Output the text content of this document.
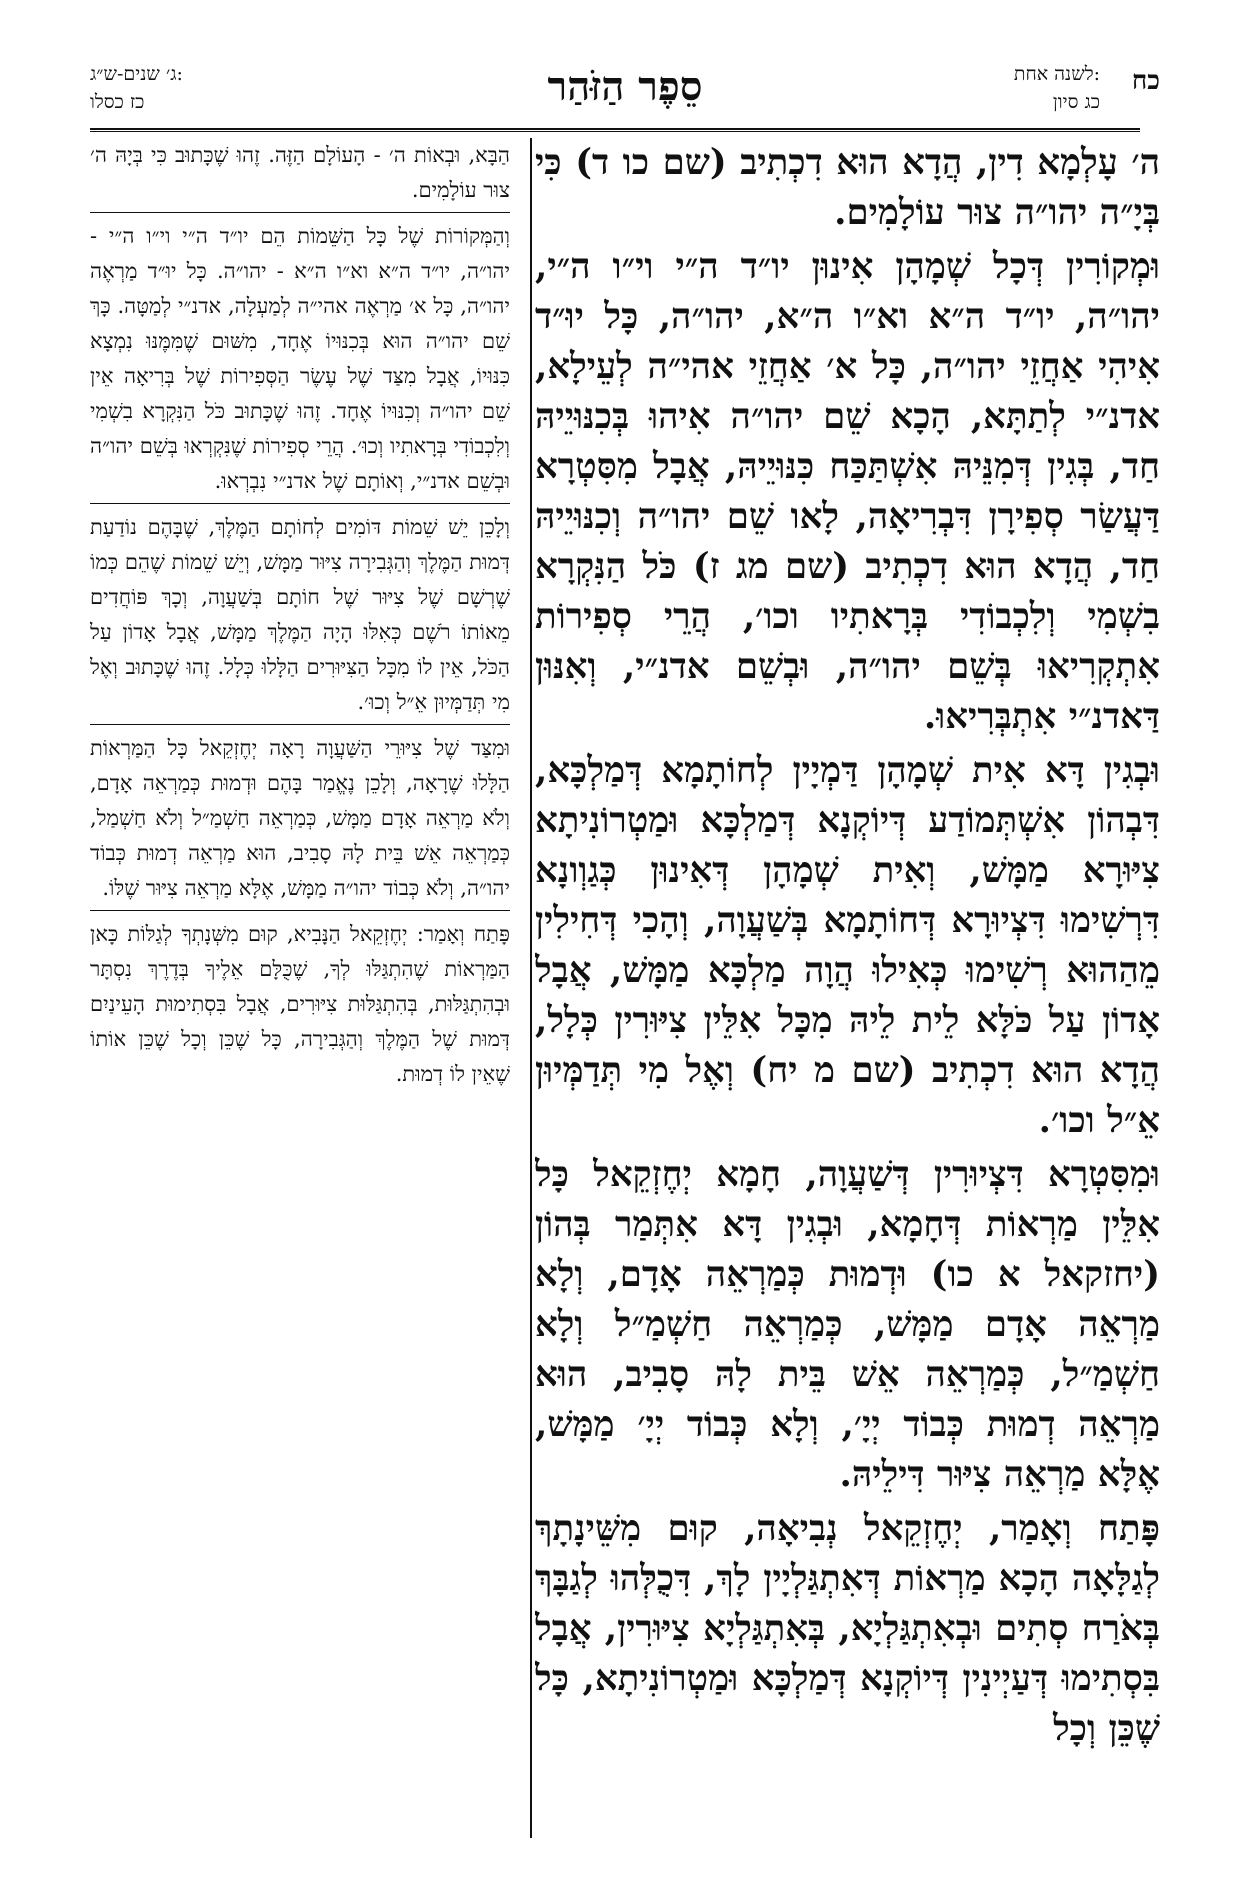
ג׳ שנים-ש״ג:
כז כסלו	סֵפֶר הַזֹּהַר	לשנה אחת:
כג סיון
כח

ה׳ עָלְמָא דִין, הֲדָא הוּא דִכְתִיב (שם כו ד) כִּי בְּיָ״ה יהו״ה צוּר עוֹלָמִים.

וּמְקוֹרִין דְּכָל שְׁמָהָן אִינוּן יו״ד ה״י וי״ו ה״י, יהו״ה, יו״ד ה״א וא״ו ה״א, יהו״ה, כָּל יוּ״ד אִיהִי אַחֲזֵי יהו״ה, כָּל א׳ אַחֲזֵי אהי״ה לְעֵילָא, אדנ״י לְתַתָּא, הָכָא שֵׁם יהו״ה אִיהוּ בְּכִנּוּיֵיהּ חַד, בְּגִין דְּמִנֵּיהּ אִשְׁתַּכַּח כִּנּוּיֵיהּ, אֲבָל מִסִּטְרָא דַּעֲשַׂר סְפִירָן דִּבְרִיאָה, לָאו שֵׁם יהו״ה וְכִנּוּיֵיהּ חַד, הֲדָא הוּא דִכְתִיב (שם מג ז) כֹּל הַנִּקְרָא בִשְׁמִי וְלִכְבוֹדִי בְּרָאתִיו וכו׳, הֲרֵי סְפִירוֹת אִתְקְרִיאוּ בְּשֵׁם יהו״ה, וּבְשֵׁם אדנ״י, וְאִנּוּן דַּאדנ״י אִתְבְּרִיאוּ.

וּבְגִין דָּא אִית שְׁמָהָן דַּמְיָין לְחוֹתָמָא דְּמַלְכָּא, דִּבְהוֹן אִשְׁתְּמוֹדַע דְּיוֹקְנָא דְּמַלְכָּא וּמַטְרוֹנִיתָא צִיּוּרָא מַמָּשׁ, וְאִית שְׁמָהָן דְּאִינוּן כְּגַוְונָא דִּרְשִׁימוּ דִּצְיוּרָא דְּחוֹתָמָא בְּשַׁעֲוָה, וְהָכִי דְּחִילִין מֵהַהוּא רְשִׁימוּ כְּאִילוּ הֲוָה מַלְכָּא מַמָּשׁ, אֲבָל אָדוֹן עַל כֹּלָּא לֵית לֵיהּ מִכָּל אִלֵּין צִיּוּרִין כְּלָל, הֲדָא הוּא דִכְתִיב (שם מ יח) וְאֶל מִי תְּדַמְּיוּן אֵ״ל וכו׳.

וּמִסִּטְרָא דִּצְיוּרִין דְּשַׁעֲוָה, חָמָא יְחֶזְקֵאל כָּל אִלֵּין מַרְאוֹת דְּחָמָא, וּבְגִין דָּא אִתְּמַר בְּהוֹן (יחזקאל א כו) וּדְמוּת כְּמַרְאֵה אָדָם, וְלָא מַרְאֵה אָדָם מַמָּשׁ, כְּמַרְאֵה חַשְׁמַ״ל וְלָא חַשְׁמַ״ל, כְּמַרְאֵה אֵשׁ בֵּית לָהּ סָבִיב, הוּא מַרְאֵה דְמוּת כְּבוֹד יְיָ׳, וְלָא כְּבוֹד יְיָ׳ מַמָּשׁ, אֶלָּא מַרְאֵה צִיּוּר דִּילֵיהּ.

פָּתַח וְאָמַר, יְחֶזְקֵאל נְבִיאָה, קוּם מִשֵּׁינָתָךְ לְגַלָּאָה הָכָא מַרְאוֹת דְּאִתְגַּלְיָין לָךְ, דִּכֻלְּהוּ לְגַבָּךְ בְּאֹרַח סְתִים וּבְאִתְגַּלְיָא, בְּאִתְגַּלְיָא צִיּוּרִין, אֲבָל בִּסְתִימוּ דְּעַיְינִין דְּיוֹקְנָא דְּמַלְכָּא וּמַטְרוֹנִיתָא, כָּל שֶׁכֵּן וְכָל

הַבָּא, וּבְאוֹת ה׳ - הָעוֹלָם הַזֶּה. זֶהוּ שֶׁכָּתוּב כִּי בְּיָהּ ה׳ צוּר עוֹלָמִים.

וְהַמְּקוֹרוֹת שֶׁל כָּל הַשֵּׁמוֹת הֵם יו״ד ה״י וי״ו ה״י - יהו״ה, יו״ד ה״א וא״ו ה״א - יהו״ה. כָּל יוּ״ד מַרְאֶה יהו״ה, כָּל א׳ מַרְאֶה אהי״ה לְמַעְלָה, אדנ״י לְמַטָּה. כָּךְ שֵׁם יהו״ה הוּא בְּכִנּוּיוֹ אֶחָד, מִשּׁוּם שֶׁמִּמֶּנּוּ נִמְצָא כִּנּוּיוֹ, אֲבָל מִצַּד שֶׁל עֶשֶׂר הַסְּפִירוֹת שֶׁל בְּרִיאָה אֵין שֵׁם יהו״ה וְכִנּוּיוֹ אֶחָד. זֶהוּ שֶׁכָּתוּב כֹּל הַנִּקְרָא בִשְׁמִי וְלִכְבוֹדִי בְּרָאתִיו וְכוּ׳. הֲרֵי סְפִירוֹת שֶׁנִּקְרְאוּ בְּשֵׁם יהו״ה וּבְשֵׁם אדנ״י, וְאוֹתָם שֶׁל אדנ״י נִבְרְאוּ.

וְלָכֵן יֵשׁ שֵׁמוֹת דּוֹמִים לְחוֹתָם הַמֶּלֶךְ, שֶׁבָּהֶם נוֹדַעַת דְּמוּת הַמֶּלֶךְ וְהַגְּבִירָה צִיּוּר מַמָּשׁ, וְיֵשׁ שֵׁמוֹת שֶׁהֵם כְּמוֹ שֶׁרְשָׁם שֶׁל צִיּוּר שֶׁל חוֹתָם בְּשַׁעֲוָה, וְכָךְ פּוֹחֲדִים מֵאוֹתוֹ רֹשֶׁם כְּאִלּוּ הָיָה הַמֶּלֶךְ מַמָּשׁ, אֲבָל אָדוֹן עַל הַכֹּל, אֵין לוֹ מִכָּל הַצִּיּוּרִים הַלָּלוּ כְּלָל. זֶהוּ שֶׁכָּתוּב וְאֶל מִי תְּדַמְּיוּן אֵ״ל וְכוּ׳.

וּמִצַּד שֶׁל צִיּוּרֵי הַשַּׁעֲוָה רָאָה יְחֶזְקֵאל כָּל הַמַּרְאוֹת הַלָּלוּ שֶׁרָאָה, וְלָכֵן נֶאֱמַר בָּהֶם וּדְמוּת כְּמַרְאֵה אָדָם, וְלֹא מַרְאֵה אָדָם מַמָּשׁ, כְּמַרְאֵה חַשְׁמַ״ל וְלֹא חַשְׁמַל, כְּמַרְאֵה אֵשׁ בֵּית לָהּ סָבִיב, הוּא מַרְאֵה דְמוּת כְּבוֹד יהו״ה, וְלֹא כְּבוֹד יהו״ה מַמָּשׁ, אֶלָּא מַרְאֵה צִיּוּר שֶׁלּוֹ.

פָּתַח וְאָמַר: יְחֶזְקֵאל הַנָּבִיא, קוּם מִשְּׁנָתְךָ לְגַלּוֹת כָּאן הַמַּרְאוֹת שֶׁהִתְגַּלּוּ לְךָ, שֶׁכֻּלָּם אֵלֶיךָ בְּדֶרֶךְ נִסְתָּר וּבְהִתְגַּלּוּת, בְּהִתְגַּלּוּת צִיּוּרִים, אֲבָל בִּסְתִימוּת הָעֵינַיִם דְּמוּת שֶׁל הַמֶּלֶךְ וְהַגְּבִירָה, כָּל שֶׁכֵּן וְכָל שֶׁכֵּן אוֹתוֹ שֶׁאֵין לוֹ דְמוּת.
